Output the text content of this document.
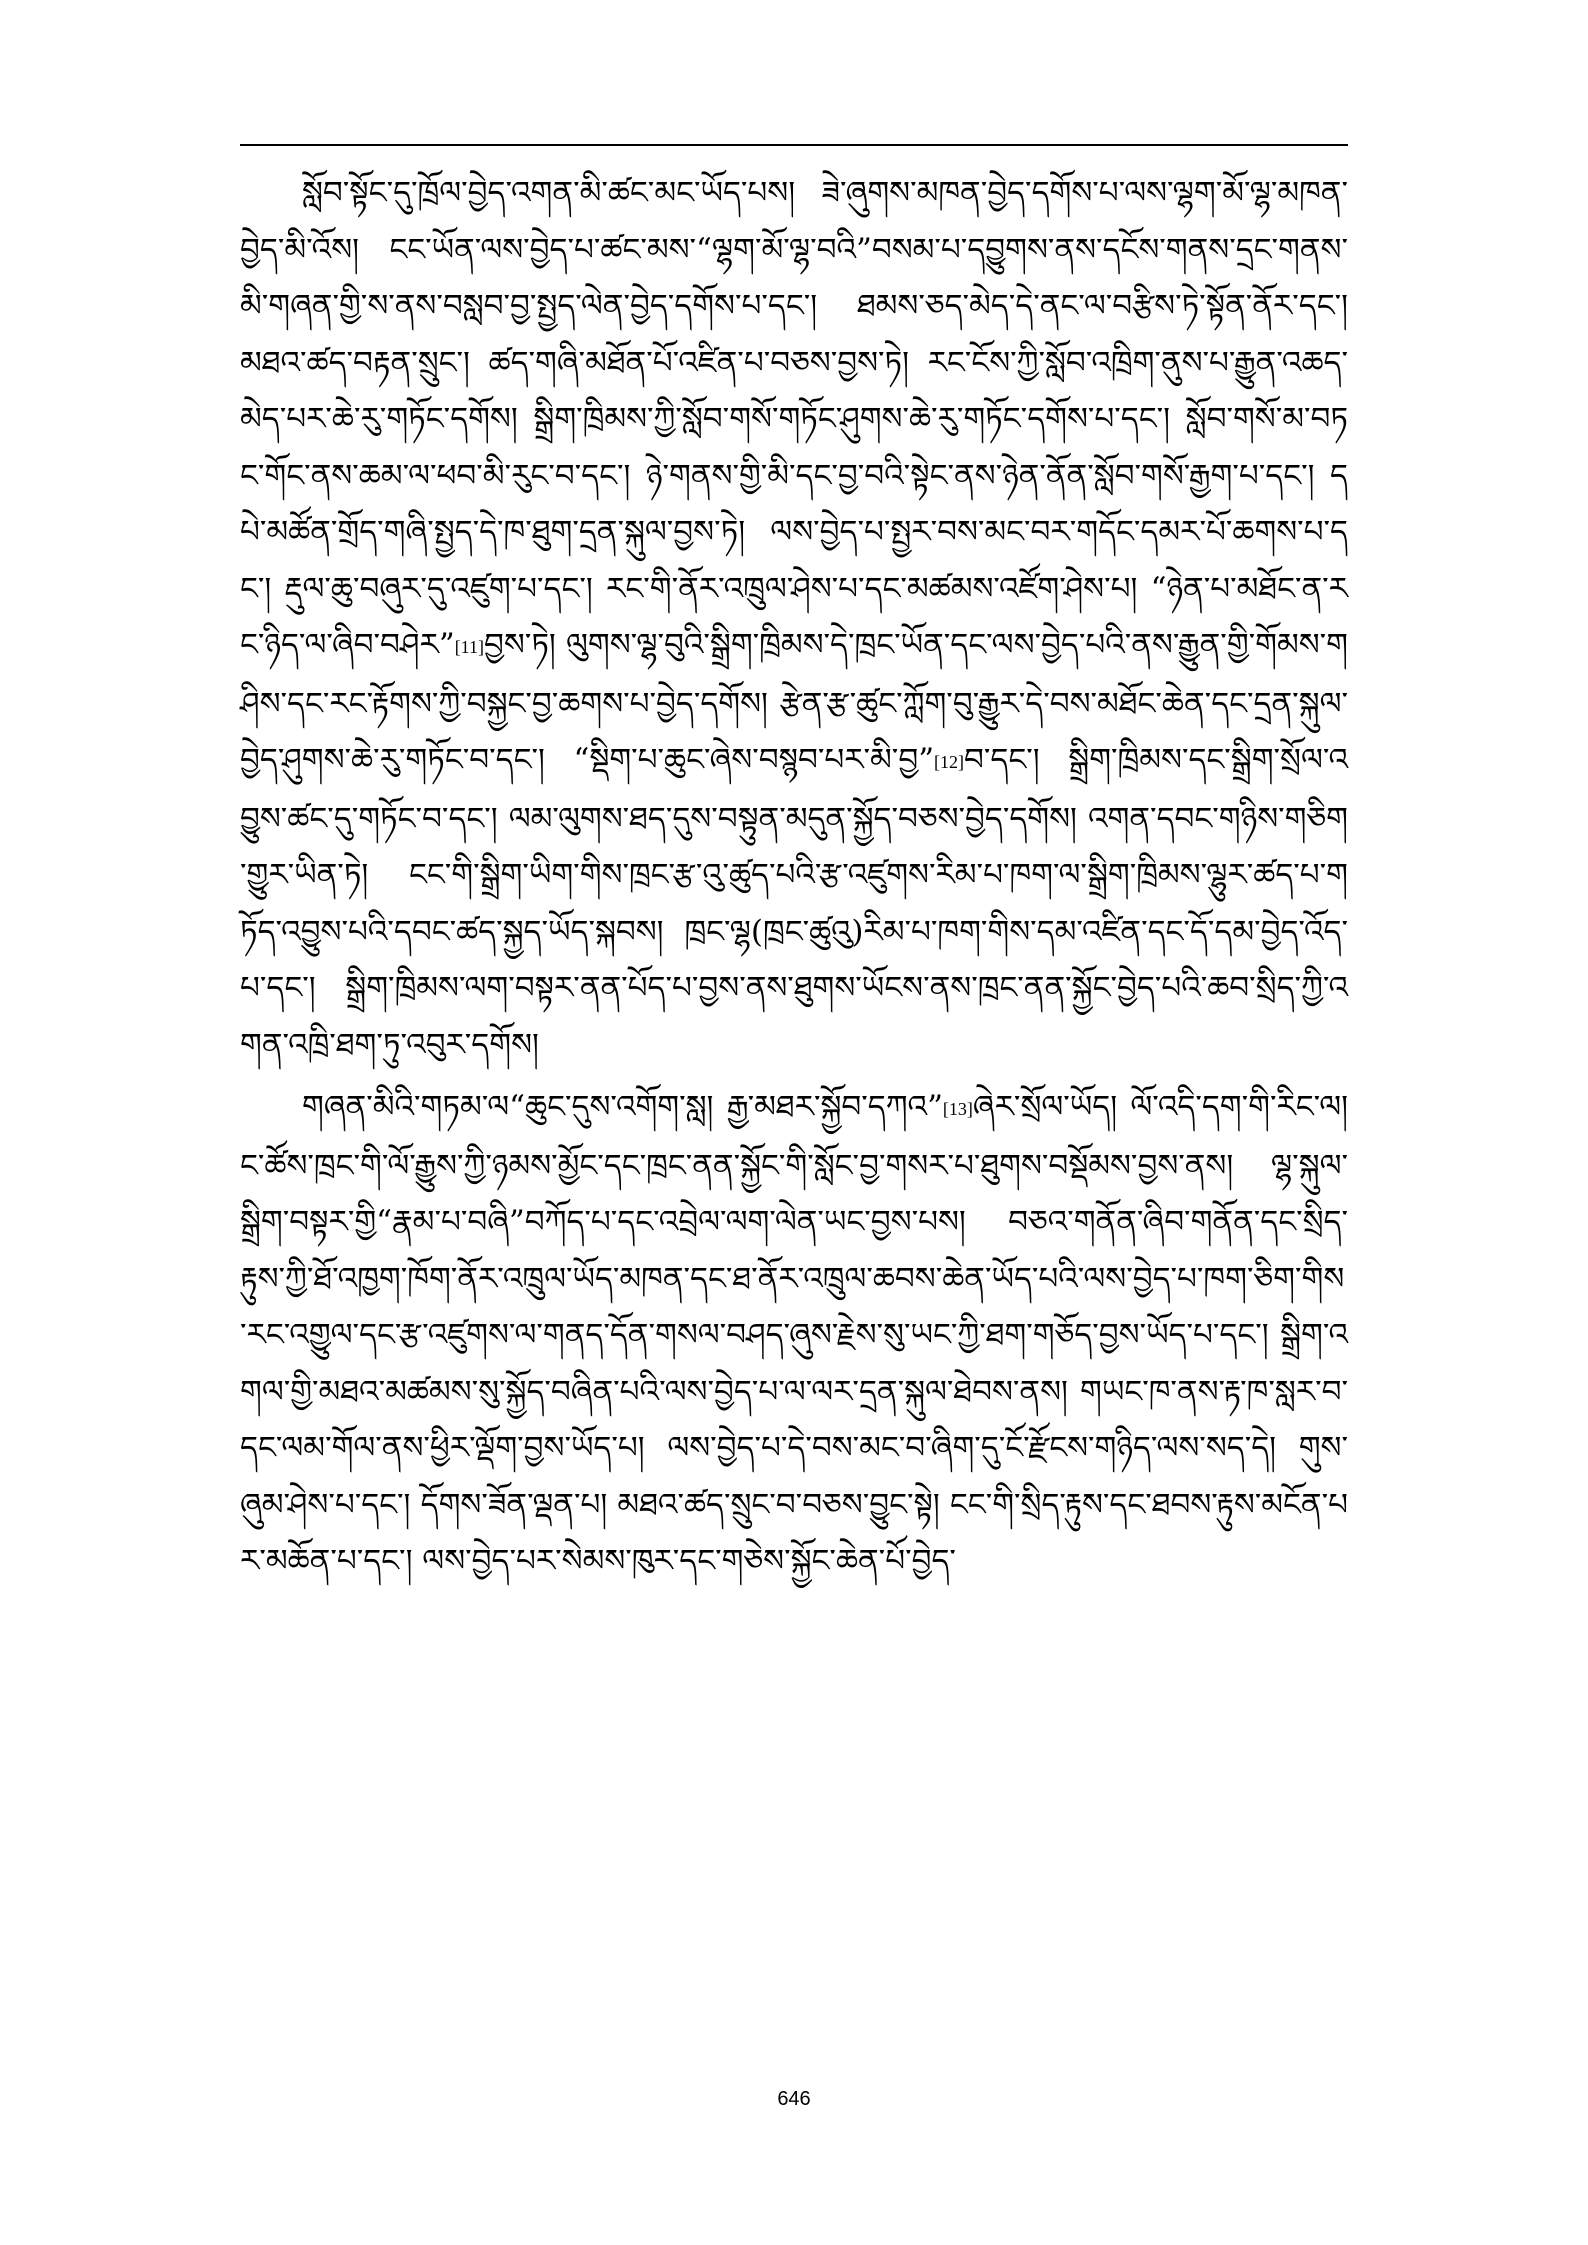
སློབ་སྟོང་དུ་ཁྲོལ་བྱེད་འགན་མི་ཚང་མང་ཡོད་པས། ཟེ་ཞུགས་མཁན་བྱེད་དགོས་པ་ལས་ལྷག་མོ་ལྷ་མཁན་བྱེད་མི་འོས། ངང་ཡོན་ལས་བྱེད་པ་ཚང་མས་“ལྷག་མོ་ལྷ་བའི”བསམ་པ་དབྱུགས་ནས་དངོས་གནས་དྲང་གནས་མི་གཞན་གྱི་ས་ནས་བསླབ་བྱ་སྤྱད་ལེན་བྱེད་དགོས་པ་དང་། ཐམས་ཅད་མེད་དེ་ནང་ལ་བརྩིས་ཏེ་སྟོན་ནོར་དང་། མཐའ་ཚད་བརྟན་སྲུང་། ཚད་གཞི་མཐོན་པོ་འཛིན་པ་བཅས་བྱས་ཏེ། རང་ངོས་ཀྱི་སློབ་འཁྲིག་ནུས་པ་རྒྱུན་འཆད་མེད་པར་ཆེ་རུ་གཏོང་དགོས། སྒྲིག་ཁྲིམས་ཀྱི་སློབ་གསོ་གཏོང་ཤུགས་ཆེ་རུ་གཏོང་དགོས་པ་དང་། སློབ་གསོ་མ་བཏང་གོང་ནས་ཆམ་ལ་ཕབ་མི་རུང་བ་དང་། ཉེ་གནས་གྱི་མི་དང་བྱ་བའི་སྟེང་ནས་ཉེན་ནོན་སློབ་གསོ་རྒྱག་པ་དང་། དཔེ་མཚོན་གྲོད་གཞི་སྤྱད་དེ་ཁ་ཐུག་དྲན་སྐུལ་བྱས་ཏེ། ལས་བྱེད་པ་སྤྱར་བས་མང་བར་གདོང་དམར་པོ་ཆགས་པ་དང་། རྡུལ་ཆུ་བཞུར་དུ་འཛུག་པ་དང་། རང་གི་ནོར་འཁྲུལ་ཤེས་པ་དང་མཚམས་འཛོག་ཤེས་པ། “ཉེན་པ་མཐོང་ན་རང་ཉིད་ལ་ཞིབ་བཤེར”[11]བྱས་ཏེ། ལུགས་ལྷ་བུའི་སྒྲིག་ཁྲིམས་དེ་ཁྲང་ཡོན་དང་ལས་བྱེད་པའི་ནས་རྒྱུན་གྱི་གོམས་གཤིས་དང་རང་རྟོགས་ཀྱི་བསྐྱང་བྱ་ཆགས་པ་བྱེད་དགོས། རྩེན་རྩ་ཚུང་ཀློག་བུ་རྒྱུར་དེ་བས་མཐོང་ཆེན་དང་དྲན་སྐུལ་བྱེད་ཤུགས་ཆེ་རུ་གཏོང་བ་དང་། “སྡིག་པ་ཆུང་ཞེས་བསྙབ་པར་མི་བྱ”[12]བ་དང་། སྒྲིག་ཁྲིམས་དང་སྒྲིག་སྲོལ་འབྱུས་ཚང་དུ་གཏོང་བ་དང་། ལམ་ལུགས་ཐད་དུས་བསྟུན་མདུན་སྐྱོད་བཅས་བྱེད་དགོས། འགན་དབང་གཉིས་གཅིག་གྱུར་ཡིན་ཏེ། ངང་གི་སྒྲིག་ཡིག་གིས་ཁྲང་རྩ་འུ་ཚུད་པའི་རྩ་འཛུགས་རིམ་པ་ཁག་ལ་སྒྲིག་ཁྲིམས་ལྷུར་ཚད་པ་གཏོད་འབྱུས་པའི་དབང་ཚད་སྐྱད་ཡོད་སྐབས། ཁྲང་ལྷ(ཁྲང་ཚུའུ)རིམ་པ་ཁག་གིས་དམ་འཛིན་དང་དོ་དམ་བྱེད་འོད་པ་དང་། སྒྲིག་ཁྲིམས་ལག་བསྟར་ནན་པོད་པ་བྱས་ནས་ཐུགས་ཡོངས་ནས་ཁྲང་ནན་སྐྱོང་བྱེད་པའི་ཆབ་སྲིད་ཀྱི་འགན་འཁྲི་ཐག་ཏུ་འབུར་དགོས།

གཞན་མིའི་གཏམ་ལ“ཆུང་དུས་འགོག་སླ། རྒྱ་མཐར་སྐྱོབ་དཀའ”[13]ཞེར་སྲོལ་ཡོད། ལོ་འདི་དག་གི་རིང་ལ། ང་ཚོས་ཁྲང་གི་ལོ་རྒྱུས་ཀྱི་ཉམས་མྱོང་དང་ཁྲང་ནན་སྐྱོང་གི་སློང་བྱ་གསར་པ་ཐུགས་བསྡོམས་བྱས་ནས། ལྷ་སྐུལ་སྒྲིག་བསྟར་གྱི“རྣམ་པ་བཞི”བཀོད་པ་དང་འབྲེལ་ལག་ལེན་ཡང་བྱས་པས། བཅའ་གནོན་ཞིབ་གནོན་དང་སྲིད་རྟུས་ཀྱི་ཐོ་འཁྱག་ཁོག་ནོར་འཁྲུལ་ཡོད་མཁན་དང་ཐ་ནོར་འཁྲུལ་ཆབས་ཆེན་ཡོད་པའི་ལས་བྱེད་པ་ཁག་ཅིག་གིས་རང་འགྱུལ་དང་རྩ་འཛུགས་ལ་གནད་དོན་གསལ་བཤད་ཞུས་རྗེས་སུ་ཡང་ཀྱི་ཐག་གཅོད་བྱས་ཡོད་པ་དང་། སྒྲིག་འགལ་གྱི་མཐའ་མཚམས་སུ་སྐྱོད་བཞིན་པའི་ལས་བྱེད་པ་ལ་ལར་དྲན་སྐུལ་ཐེབས་ནས། གཡང་ཁ་ནས་རྟ་ཁ་སླར་བ་དང་ལམ་གོལ་ནས་ཕྱིར་ལྡོག་བྱས་ཡོད་པ། ལས་བྱེད་པ་དེ་བས་མང་བ་ཞིག་དུ་ངོ་རྫོངས་གཉིད་ལས་སད་དེ། གུས་ཞུམ་ཤེས་པ་དང་། དོགས་ཟོན་ལྡན་པ། མཐའ་ཚད་སྲུང་བ་བཅས་བྱུང་སྟེ། ངང་གི་སྲིད་རྟུས་དང་ཐབས་རྟུས་མངོན་པར་མཆོན་པ་དང་། ལས་བྱེད་པར་སེམས་ཁུར་དང་གཅེས་སྐྱོང་ཆེན་པོ་བྱེད་

646
